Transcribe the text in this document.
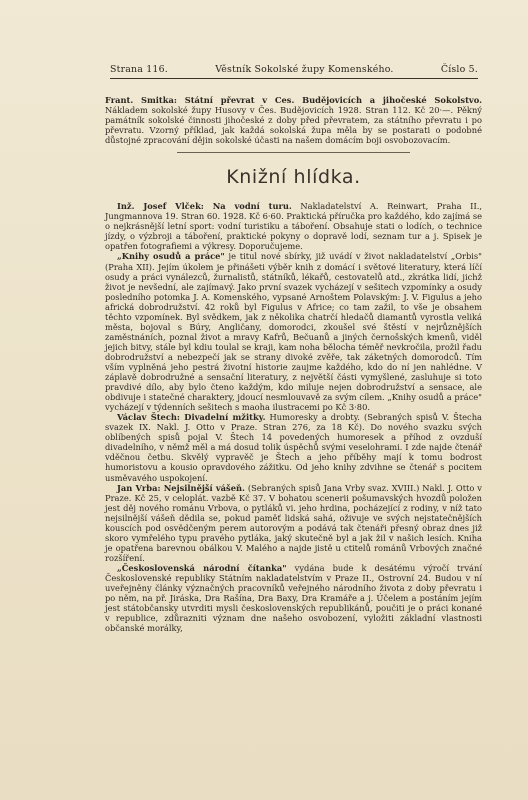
Strana 116.	Věstník Sokolské župy Komenského.	Číslo 5.

Frant. Smitka: Státní převrat v Ces. Budějovicích a jihočeské Sokolstvo. Nákladem sokolské župy Husovy v Čes. Budějovicích 1928. Stran 112. Kč 20·—. Pěkný památník sokolské činnosti jihočeské z doby před převratem, za státního převratu i po převratu. Vzorný příklad, jak každá sokolská župa měla by se postarati o podobné důstojné zpracování dějin sokolské účasti na našem domácím boji osvobozovacím.

Knižní hlídka.

Inž. Josef Vlček: Na vodní turu. Nakladatelství A. Reinwart, Praha II., Jungmannova 19. Stran 60. 1928. Kč 6·60. Praktická příručka pro každého, kdo zajímá se o nejkrásnější letní sport: vodní turistiku a táboření. Obsahuje stati o lodích, o technice jízdy, o výzbroji a táboření, praktické pokyny o dopravě lodí, seznam tur a j. Spisek je opatřen fotografiemi a výkresy. Doporučujeme.

„Knihy osudů a práce" je titul nové sbírky, již uvádí v život nakladatelství „Orbis" (Praha XII). Jejím úkolem je přinášeti výběr knih z domácí i světové literatury, která líčí osudy a práci vynálezců, žurnalistů, státníků, lékařů, cestovatelů atd., zkrátka lidí, jichž život je nevšední, ale zajímavý. Jako první svazek vycházejí v sešitech vzpomínky a osudy posledního potomka J. A. Komenského, vypsané Arnoštem Polavským: J. V. Figulus a jeho africká dobrodružství. 42 roků byl Figulus v Africe; co tam zažil, to vše je obsahem těchto vzpomínek. Byl svědkem, jak z několika chatrčí hledačů diamantů vyrostla veliká města, bojoval s Búry, Angličany, domorodci, zkoušel své štěstí v nejrůznějších zaměstnáních, poznal život a mravy Kafrů, Bečuanů a jiných černošských kmenů, viděl jejich bitvy, stále byl kdiu toulal se kraji, kam noha bělocha téměř nevkročila, prožil řadu dobrodružství a nebezpečí jak se strany divoké zvěře, tak záketných domorodců. Tím vším vyplněná jeho pestrá životní historie zaujme každého, kdo do ní jen nahlédne. V záplavě dobrodružné a sensační literatury, z největší části vymyšlené, zasluhuje si toto pravdivé dílo, aby bylo čteno každým, kdo miluje nejen dobrodružství a sensace, ale obdivuje i statečné charaktery, jdoucí nesmlouvavě za svým cílem. „Knihy osudů a práce" vycházejí v týdenních sešitech s maoha ilustracemi po Kč 3·80.

Václav Štech: Divadelní mžitky. Humoresky a drobty. (Sebraných spisů V. Štecha svazek IX. Nakl. J. Otto v Praze. Stran 276, za 18 Kč). Do nového svazku svých oblíbených spisů pojal V. Štech 14 povedených humoresek a příhod z ovzduší divadelního, v němž měl a má dosud tolik úspěchů svými veselohrami. I zde najde čtenář vděčnou četbu. Skvělý vypravěč je Štech a jeho příběhy mají k tomu bodrost humoristovu a kousio opravdového zážitku. Od jeho knihy zdvihne se čtenář s pocitem usměvavého uspokojení.

Jan Vrba: Nejsilnější vášeň. (Sebraných spisů Jana Vrby svaz. XVIII.) Nakl. J. Otto v Praze. Kč 25, v celoplát. vazbě Kč 37. V bohatou scenerii pošumavských hvozdů položen jest děj nového románu Vrbova, o pytláků vi. jeho hrdina, pocházející z rodiny, v níž tato nejsilnější vášeň dědila se, pokud paměť lidská sahá, oživuje ve svých nejstatečnějších kouscích pod osvědčeným perem autorovým a podává tak čtenáři přesný obraz dnes již skoro vymřelého typu pravého pytláka, jaký skutečně byl a jak žil v našich lesích. Kniha je opatřena barevnou obálkou V. Malého a najde jistě u ctitelů románů Vrbových značné rozšíření.

„Československá národní čítanka" vydána bude k desátému výročí trvání Československé republiky Státním nakladatelstvím v Praze II., Ostrovní 24. Budou v ní uveřejněny články význačných pracovníků veřejného národního života z doby převratu i po něm, na př. Jiráska, Dra Rašína, Dra Baxy, Dra Kramáře a j. Účelem a postáním jejím jest státobčansky utvrditi mysli československých republikánů, poučiti je o práci konané v republice, zdůrazniti význam dne našeho osvobození, vyložiti základní vlastnosti občanské morálky,
